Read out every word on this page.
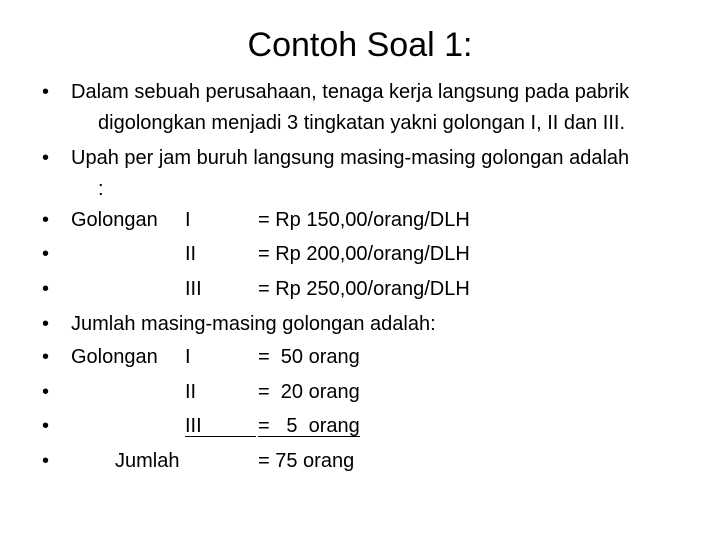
Contoh Soal 1:
• Dalam sebuah perusahaan, tenaga kerja langsung pada pabrik
digolongkan menjadi 3 tingkatan yakni golongan I, II dan III.
• Upah per jam buruh langsung masing-masing golongan adalah
:
• Golongan I	= Rp 150,00/orang/DLH
•	II	= Rp 200,00/orang/DLH
•	III	= Rp 250,00/orang/DLH
• Jumlah masing-masing golongan adalah:
• Golongan I	=  50 orang
•	II	=  20 orang
•	III	=   5  orang
•	Jumlah	= 75 orang
